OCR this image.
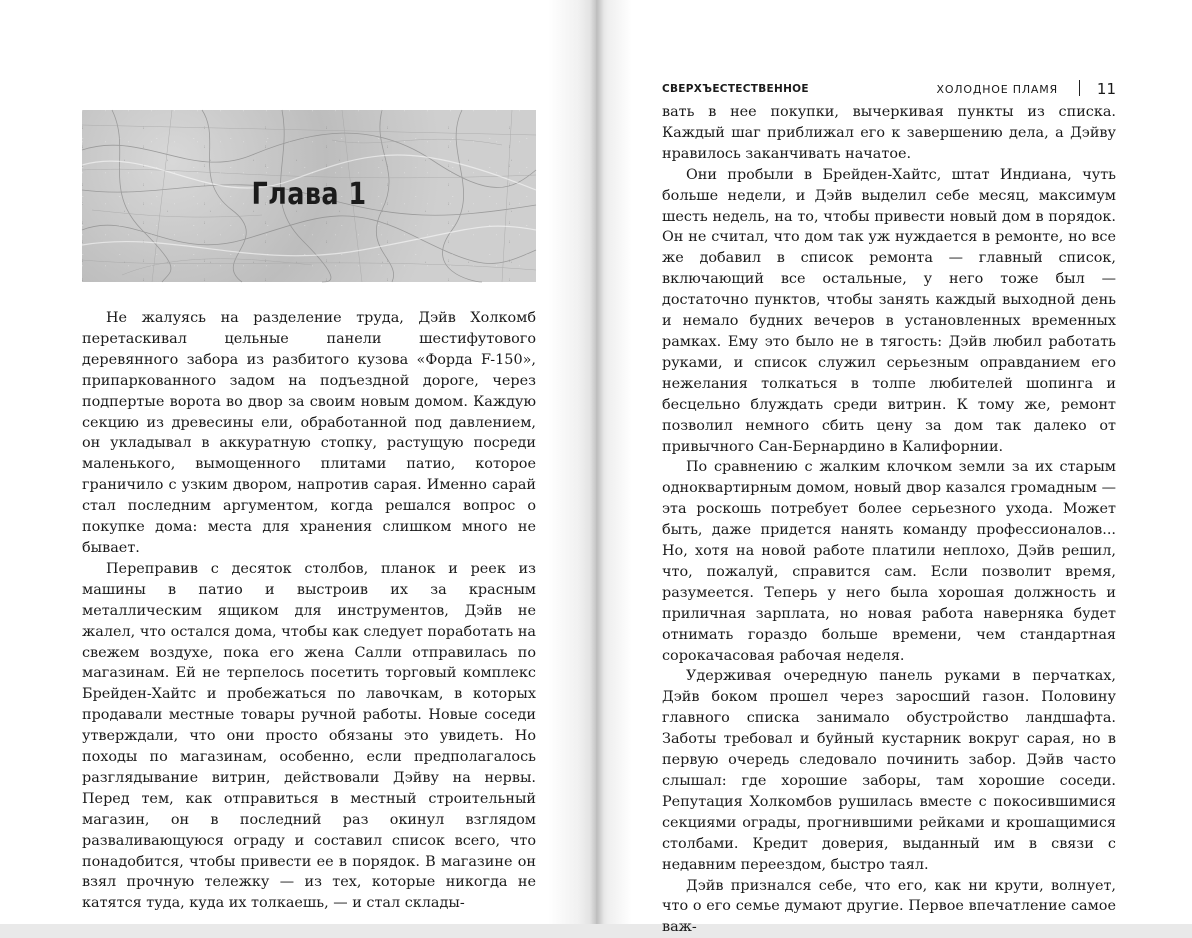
Глава 1

Не жалуясь на разделение труда, Дэйв Холкомб перетаскивал цельные панели шестифутового деревянного забора из разбитого кузова «Форда F-150», припаркованного задом на подъездной дороге, через подпертые ворота во двор за своим новым домом. Каждую секцию из древесины ели, обработанной под давлением, он укладывал в аккуратную стопку, растущую посреди маленького, вымощенного плитами патио, которое граничило с узким двором, напротив сарая. Именно сарай стал последним аргументом, когда решался вопрос о покупке дома: места для хранения слишком много не бывает.

Переправив с десяток столбов, планок и реек из машины в патио и выстроив их за красным металлическим ящиком для инструментов, Дэйв не жалел, что остался дома, чтобы как следует поработать на свежем воздухе, пока его жена Салли отправилась по магазинам. Ей не терпелось посетить торговый комплекс Брейден-Хайтс и пробежаться по лавочкам, в которых продавали местные товары ручной работы. Новые соседи утверждали, что они просто обязаны это увидеть. Но походы по магазинам, особенно, если предполагалось разглядывание витрин, действовали Дэйву на нервы. Перед тем, как отправиться в местный строительный магазин, он в последний раз окинул взглядом разваливающуюся ограду и составил список всего, что понадобится, чтобы привести ее в порядок. В магазине он взял прочную тележку — из тех, которые никогда не катятся туда, куда их толкаешь, — и стал склады-

СВЕРХЪЕСТЕСТВЕННОЕ	ХОЛОДНОЕ ПЛАМЯ	11

вать в нее покупки, вычеркивая пункты из списка. Каждый шаг приближал его к завершению дела, а Дэйву нравилось заканчивать начатое.

Они пробыли в Брейден-Хайтс, штат Индиана, чуть больше недели, и Дэйв выделил себе месяц, максимум шесть недель, на то, чтобы привести новый дом в порядок. Он не считал, что дом так уж нуждается в ремонте, но все же добавил в список ремонта — главный список, включающий все остальные, у него тоже был — достаточно пунктов, чтобы занять каждый выходной день и немало будних вечеров в установленных временных рамках. Ему это было не в тягость: Дэйв любил работать руками, и список служил серьезным оправданием его нежелания толкаться в толпе любителей шопинга и бесцельно блуждать среди витрин. К тому же, ремонт позволил немного сбить цену за дом так далеко от привычного Сан-Бернардино в Калифорнии.

По сравнению с жалким клочком земли за их старым одноквартирным домом, новый двор казался громадным — эта роскошь потребует более серьезного ухода. Может быть, даже придется нанять команду профессионалов... Но, хотя на новой работе платили неплохо, Дэйв решил, что, пожалуй, справится сам. Если позволит время, разумеется. Теперь у него была хорошая должность и приличная зарплата, но новая работа наверняка будет отнимать гораздо больше времени, чем стандартная сорокачасовая рабочая неделя.

Удерживая очередную панель руками в перчатках, Дэйв боком прошел через заросший газон. Половину главного списка занимало обустройство ландшафта. Заботы требовал и буйный кустарник вокруг сарая, но в первую очередь следовало починить забор. Дэйв часто слышал: где хорошие заборы, там хорошие соседи. Репутация Холкомбов рушилась вместе с покосившимися секциями ограды, прогнившими рейками и крошащимися столбами. Кредит доверия, выданный им в связи с недавним переездом, быстро таял.

Дэйв признался себе, что его, как ни крути, волнует, что о его семье думают другие. Первое впечатление самое важ-
